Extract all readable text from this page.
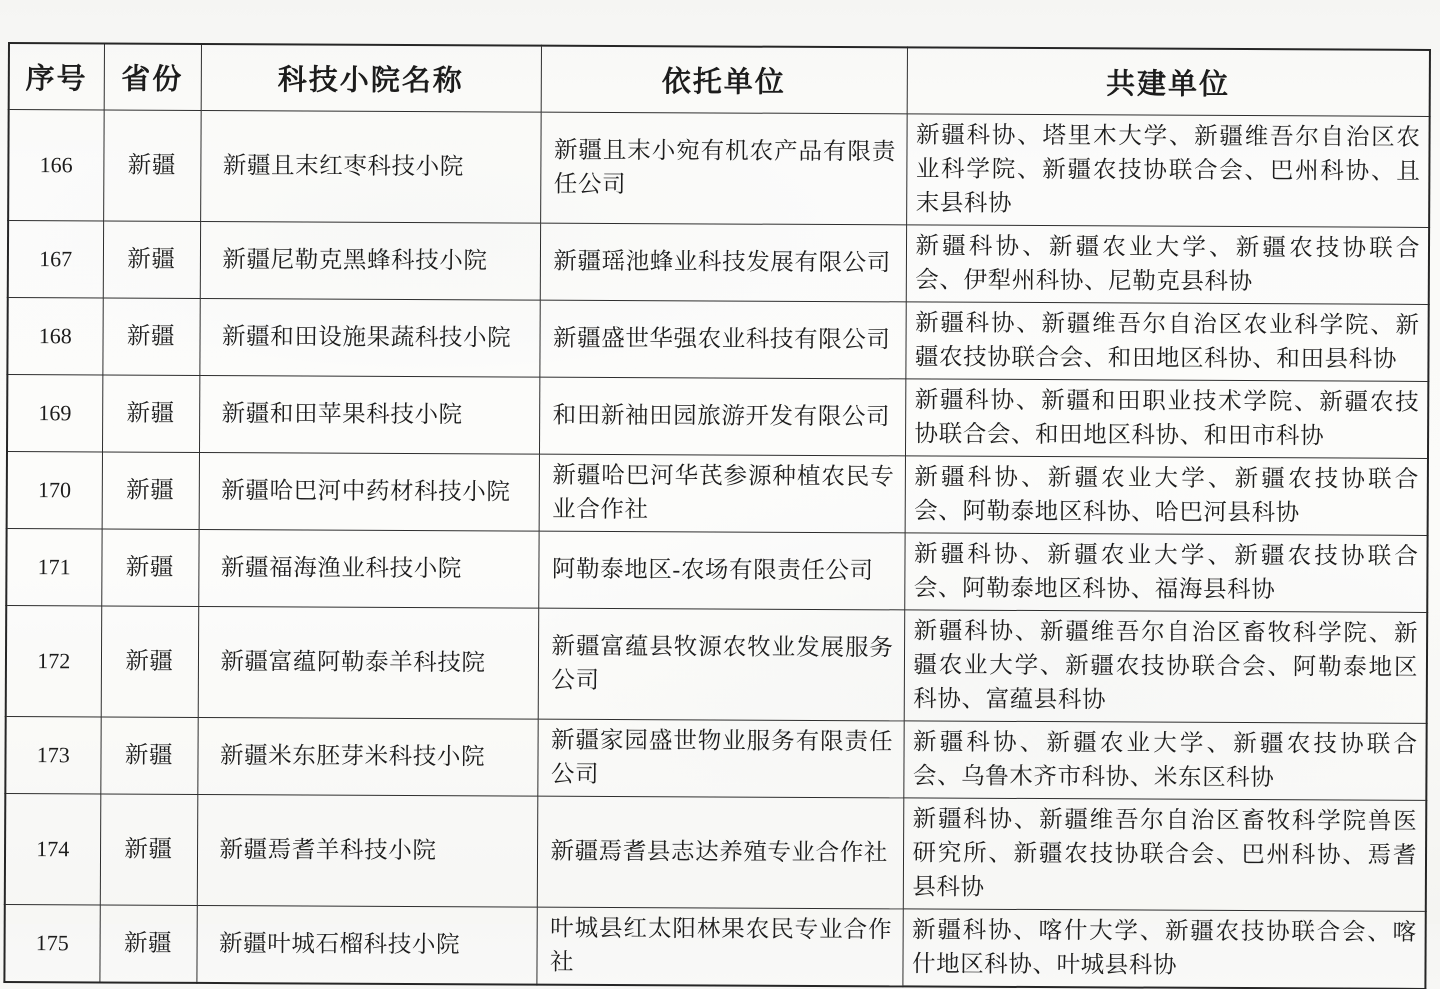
序号	省份	科技小院名称	依托单位	共建单位
166	新疆	新疆且末红枣科技小院	新疆且末小宛有机农产品有限责任公司	新疆科协、塔里木大学、新疆维吾尔自治区农业科学院、新疆农技协联合会、巴州科协、且末县科协
167	新疆	新疆尼勒克黑蜂科技小院	新疆瑶池蜂业科技发展有限公司	新疆科协、新疆农业大学、新疆农技协联合会、伊犁州科协、尼勒克县科协
168	新疆	新疆和田设施果蔬科技小院	新疆盛世华强农业科技有限公司	新疆科协、新疆维吾尔自治区农业科学院、新疆农技协联合会、和田地区科协、和田县科协
169	新疆	新疆和田苹果科技小院	和田新袖田园旅游开发有限公司	新疆科协、新疆和田职业技术学院、新疆农技协联合会、和田地区科协、和田市科协
170	新疆	新疆哈巴河中药材科技小院	新疆哈巴河华芪参源种植农民专业合作社	新疆科协、新疆农业大学、新疆农技协联合会、阿勒泰地区科协、哈巴河县科协
171	新疆	新疆福海渔业科技小院	阿勒泰地区-农场有限责任公司	新疆科协、新疆农业大学、新疆农技协联合会、阿勒泰地区科协、福海县科协
172	新疆	新疆富蕴阿勒泰羊科技院	新疆富蕴县牧源农牧业发展服务公司	新疆科协、新疆维吾尔自治区畜牧科学院、新疆农业大学、新疆农技协联合会、阿勒泰地区科协、富蕴县科协
173	新疆	新疆米东胚芽米科技小院	新疆家园盛世物业服务有限责任公司	新疆科协、新疆农业大学、新疆农技协联合会、乌鲁木齐市科协、米东区科协
174	新疆	新疆焉耆羊科技小院	新疆焉耆县志达养殖专业合作社	新疆科协、新疆维吾尔自治区畜牧科学院兽医研究所、新疆农技协联合会、巴州科协、焉耆县科协
175	新疆	新疆叶城石榴科技小院	叶城县红太阳林果农民专业合作社	新疆科协、喀什大学、新疆农技协联合会、喀什地区科协、叶城县科协
